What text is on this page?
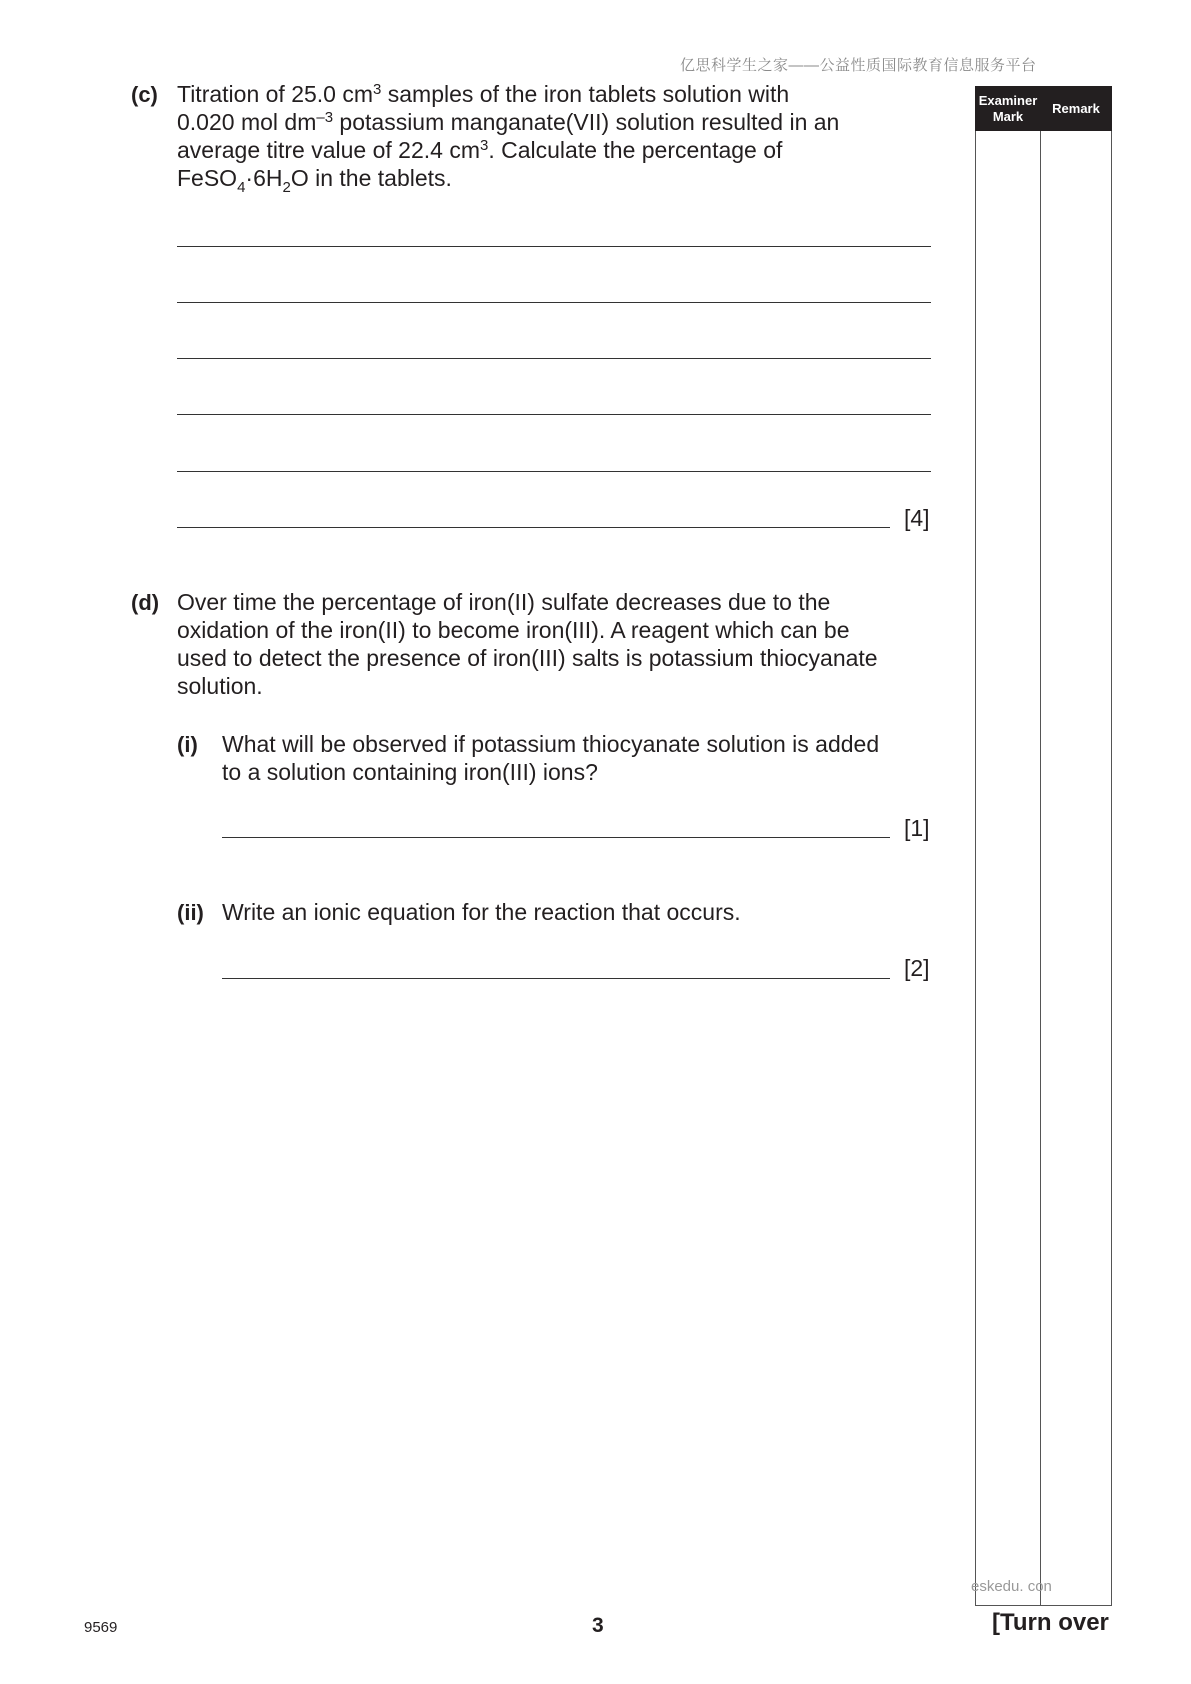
亿思科学生之家——公益性质国际教育信息服务平台
Examiner
Mark
Remark
(c) Titration of 25.0 $cm^3$ samples of the iron tablets solution with
0.020 mol $dm^{-3}$ potassium manganate(VII) solution resulted in an
average titre value of 22.4 $cm^3$. Calculate the percentage of
$FeSO_4\cdot 6H_2O$ in the tablets.
[4]
(d) Over time the percentage of iron(II) sulfate decreases due to the
oxidation of the iron(II) to become iron(III). A reagent which can be
used to detect the presence of iron(III) salts is potassium thiocyanate
solution.
(i) What will be observed if potassium thiocyanate solution is added
to a solution containing iron(III) ions?
[1]
(ii) Write an ionic equation for the reaction that occurs.
[2]
eskedu. con
9569	3	[Turn over
